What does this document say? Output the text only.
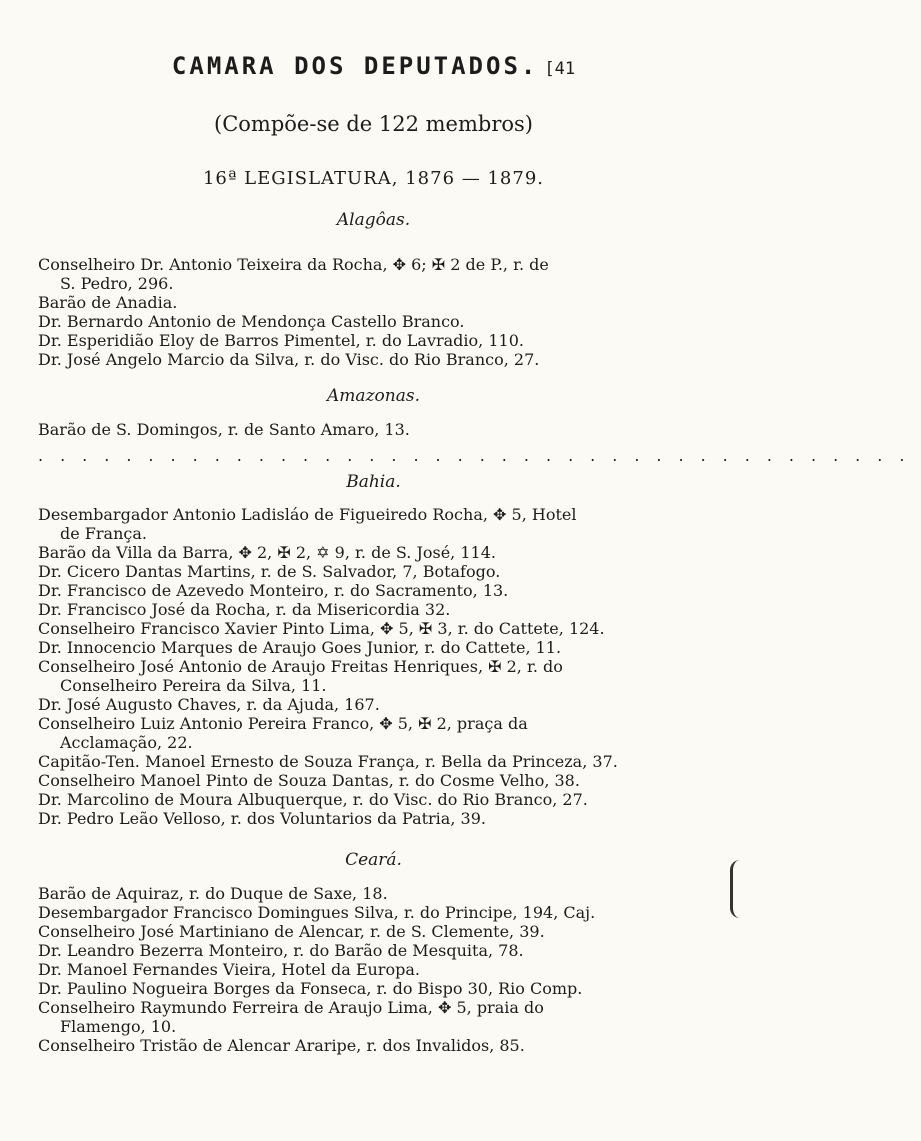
CAMARA DOS DEPUTADOS. [41
(Compõe-se de 122 membros)
16ª LEGISLATURA, 1876 — 1879.
Alagôas.

Conselheiro Dr. Antonio Teixeira da Rocha, ✥ 6; ✠ 2 de P., r. de
S. Pedro, 296.

Barão de Anadia.

Dr. Bernardo Antonio de Mendonça Castello Branco.

Dr. Esperidião Eloy de Barros Pimentel, r. do Lavradio, 110.

Dr. José Angelo Marcio da Silva, r. do Visc. do Rio Branco, 27.

Amazonas.

Barão de S. Domingos, r. de Santo Amaro, 13.

........................................
Bahia.

Desembargador Antonio Ladisláo de Figueiredo Rocha, ✥ 5, Hotel
de França.

Barão da Villa da Barra, ✥ 2, ✠ 2, ✡ 9, r. de S. José, 114.

Dr. Cicero Dantas Martins, r. de S. Salvador, 7, Botafogo.

Dr. Francisco de Azevedo Monteiro, r. do Sacramento, 13.

Dr. Francisco José da Rocha, r. da Misericordia 32.

Conselheiro Francisco Xavier Pinto Lima, ✥ 5, ✠ 3, r. do Cattete, 124.

Dr. Innocencio Marques de Araujo Goes Junior, r. do Cattete, 11.

Conselheiro José Antonio de Araujo Freitas Henriques, ✠ 2, r. do
Conselheiro Pereira da Silva, 11.

Dr. José Augusto Chaves, r. da Ajuda, 167.

Conselheiro Luiz Antonio Pereira Franco, ✥ 5, ✠ 2, praça da
Acclamação, 22.

Capitão-Ten. Manoel Ernesto de Souza França, r. Bella da Princeza, 37.

Conselheiro Manoel Pinto de Souza Dantas, r. do Cosme Velho, 38.

Dr. Marcolino de Moura Albuquerque, r. do Visc. do Rio Branco, 27.

Dr. Pedro Leão Velloso, r. dos Voluntarios da Patria, 39.

Ceará.

Barão de Aquiraz, r. do Duque de Saxe, 18.

Desembargador Francisco Domingues Silva, r. do Principe, 194, Caj.

Conselheiro José Martiniano de Alencar, r. de S. Clemente, 39.

Dr. Leandro Bezerra Monteiro, r. do Barão de Mesquita, 78.

Dr. Manoel Fernandes Vieira, Hotel da Europa.

Dr. Paulino Nogueira Borges da Fonseca, r. do Bispo 30, Rio Comp.

Conselheiro Raymundo Ferreira de Araujo Lima, ✥ 5, praia do
Flamengo, 10.

Conselheiro Tristão de Alencar Araripe, r. dos Invalidos, 85.
